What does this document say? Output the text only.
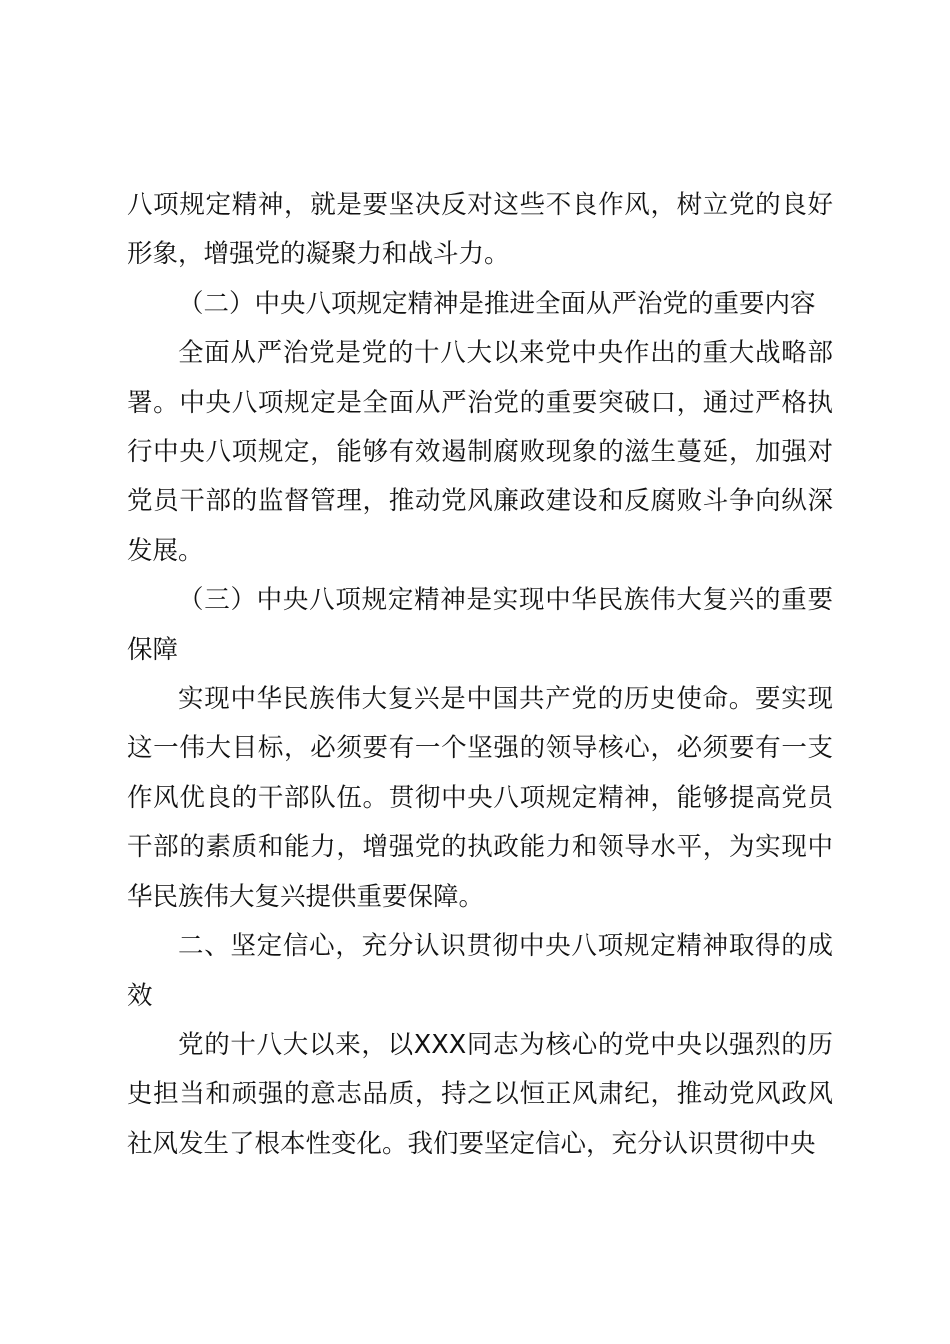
八项规定精神，就是要坚决反对这些不良作风，树立党的良好形象，增强党的凝聚力和战斗力。

（二）中央八项规定精神是推进全面从严治党的重要内容

全面从严治党是党的十八大以来党中央作出的重大战略部署。中央八项规定是全面从严治党的重要突破口，通过严格执行中央八项规定，能够有效遏制腐败现象的滋生蔓延，加强对党员干部的监督管理，推动党风廉政建设和反腐败斗争向纵深发展。

（三）中央八项规定精神是实现中华民族伟大复兴的重要保障

实现中华民族伟大复兴是中国共产党的历史使命。要实现这一伟大目标，必须要有一个坚强的领导核心，必须要有一支作风优良的干部队伍。贯彻中央八项规定精神，能够提高党员干部的素质和能力，增强党的执政能力和领导水平，为实现中华民族伟大复兴提供重要保障。

二、坚定信心，充分认识贯彻中央八项规定精神取得的成效

党的十八大以来，以XXX同志为核心的党中央以强烈的历史担当和顽强的意志品质，持之以恒正风肃纪，推动党风政风社风发生了根本性变化。我们要坚定信心，充分认识贯彻中央
